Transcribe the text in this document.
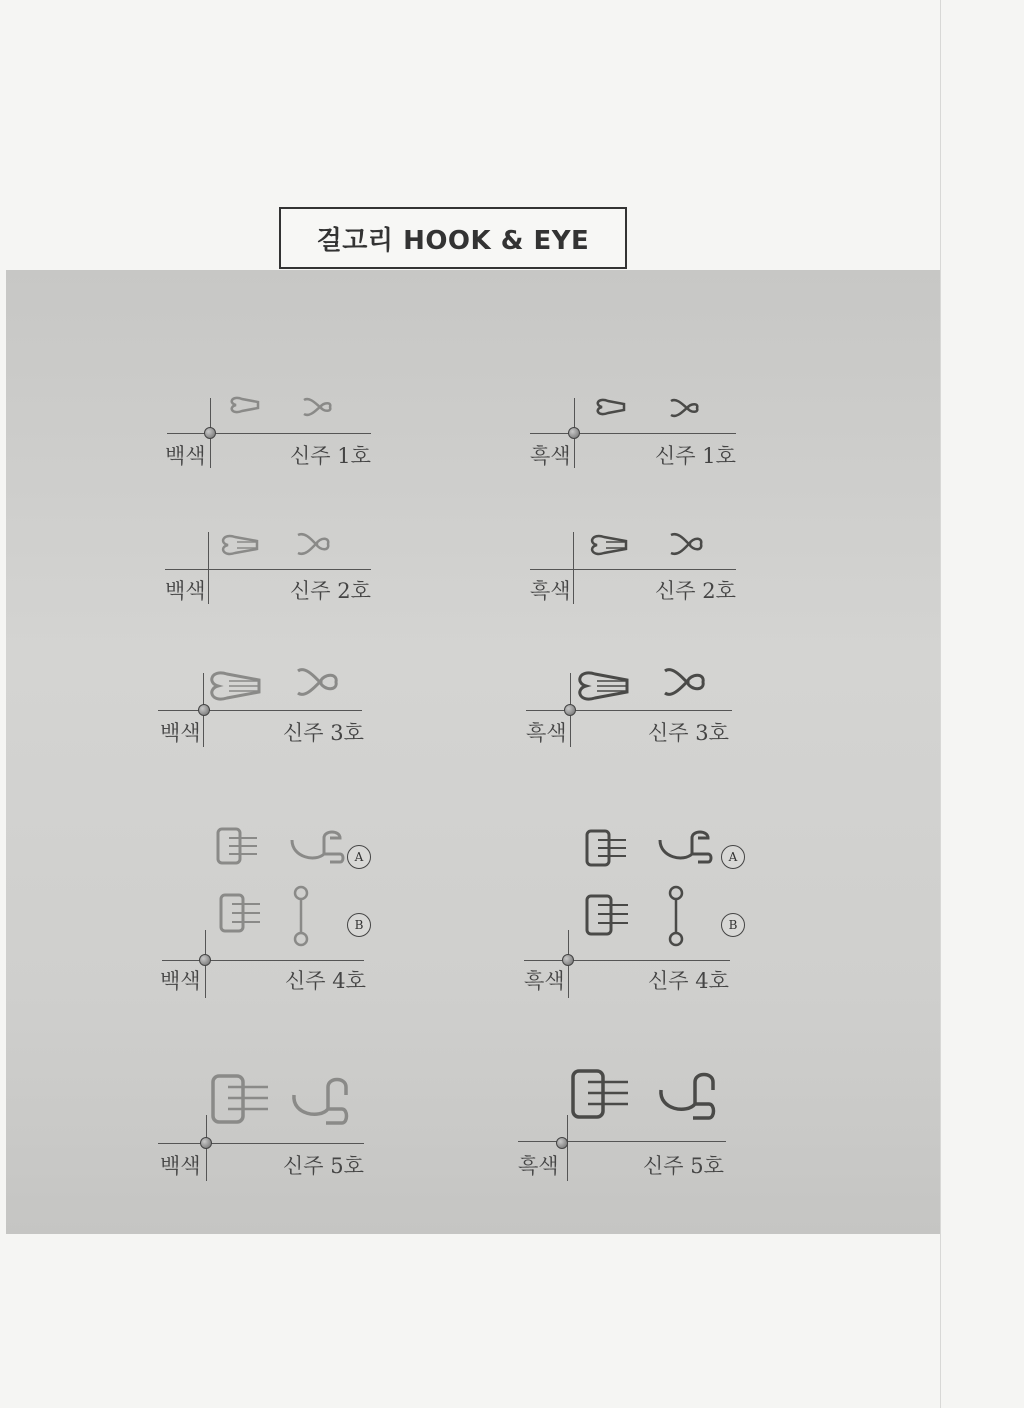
걸고리 HOOK & EYE
백색	신주 1호
백색	신주 2호
백색	신주 3호
A
B
백색	신주 4호
백색	신주 5호
흑색	신주 1호
흑색	신주 2호
흑색	신주 3호
A
B
흑색	신주 4호
흑색	신주 5호
